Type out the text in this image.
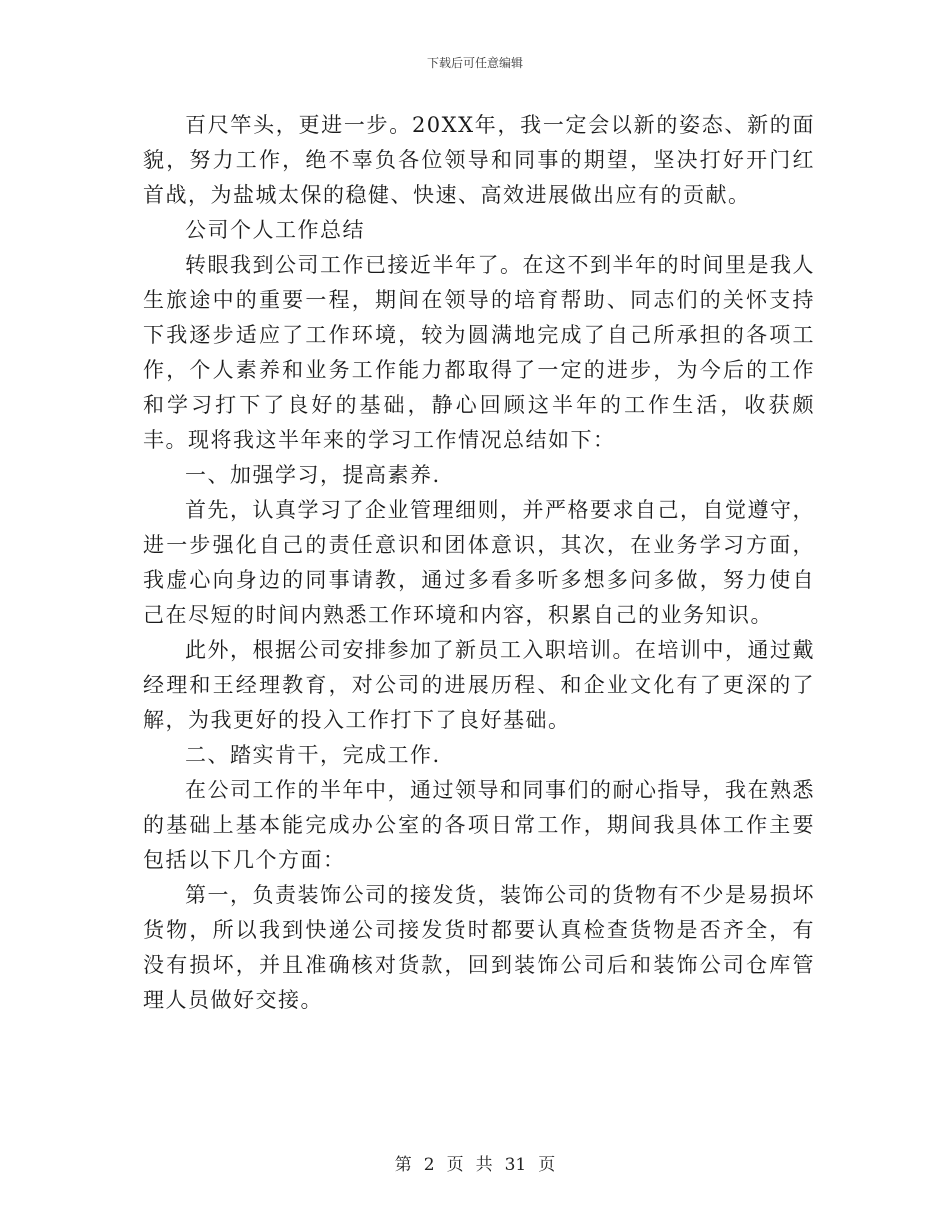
下载后可任意编辑

百尺竿头，更进一步。20XX年，我一定会以新的姿态、新的面貌，努力工作，绝不辜负各位领导和同事的期望，坚决打好开门红首战，为盐城太保的稳健、快速、高效进展做出应有的贡献。

公司个人工作总结

转眼我到公司工作已接近半年了。在这不到半年的时间里是我人生旅途中的重要一程，期间在领导的培育帮助、同志们的关怀支持下我逐步适应了工作环境，较为圆满地完成了自己所承担的各项工作，个人素养和业务工作能力都取得了一定的进步，为今后的工作和学习打下了良好的基础，静心回顾这半年的工作生活，收获颇丰。现将我这半年来的学习工作情况总结如下：

一、加强学习，提高素养.

首先，认真学习了企业管理细则，并严格要求自己，自觉遵守，进一步强化自己的责任意识和团体意识，其次，在业务学习方面，我虚心向身边的同事请教，通过多看多听多想多问多做，努力使自己在尽短的时间内熟悉工作环境和内容，积累自己的业务知识。

此外，根据公司安排参加了新员工入职培训。在培训中，通过戴经理和王经理教育，对公司的进展历程、和企业文化有了更深的了解，为我更好的投入工作打下了良好基础。

二、踏实肯干，完成工作.

在公司工作的半年中，通过领导和同事们的耐心指导，我在熟悉的基础上基本能完成办公室的各项日常工作，期间我具体工作主要包括以下几个方面：

第一，负责装饰公司的接发货，装饰公司的货物有不少是易损坏货物，所以我到快递公司接发货时都要认真检查货物是否齐全，有没有损坏，并且准确核对货款，回到装饰公司后和装饰公司仓库管理人员做好交接。

第 2 页 共 31 页
